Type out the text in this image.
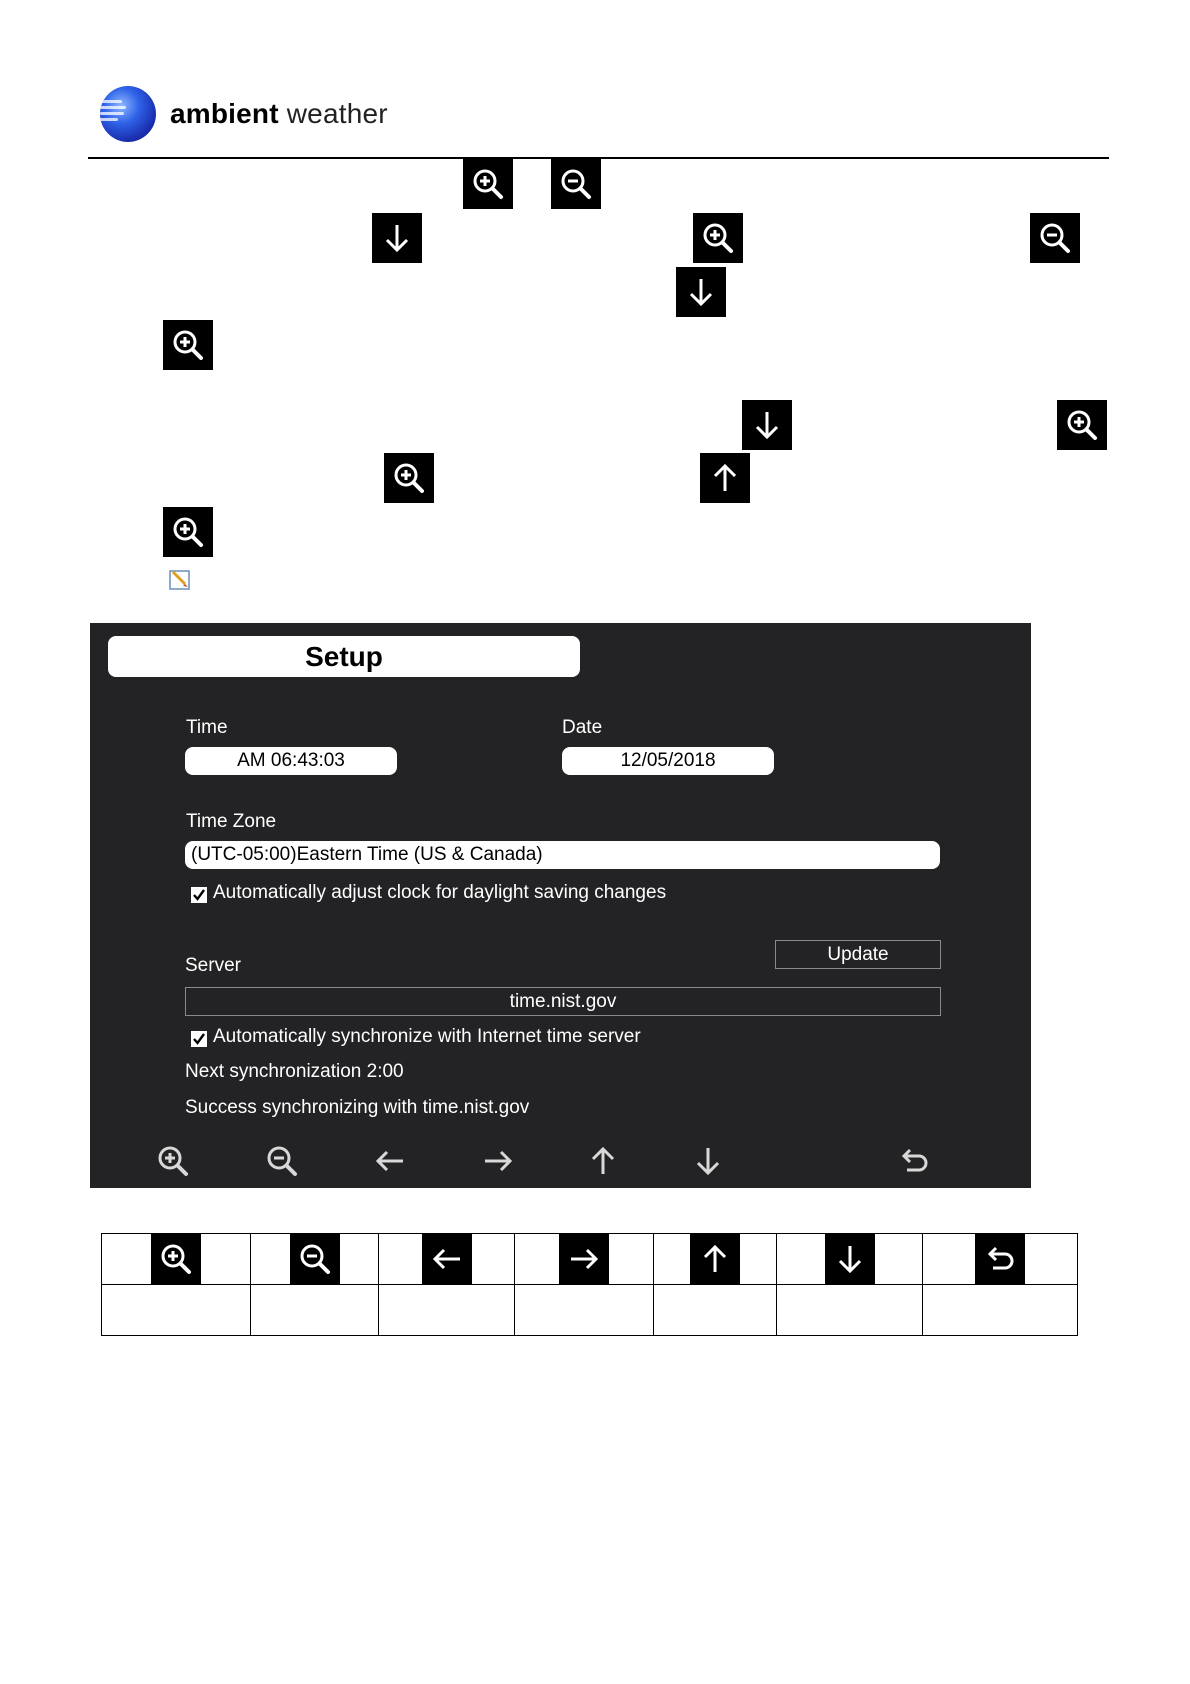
ambient weather
Setup
Time
AM 06:43:03
Date
12/05/2018
Time Zone
(UTC-05:00)Eastern Time (US & Canada)
Automatically adjust clock for daylight saving changes
Update
Server
time.nist.gov
Automatically synchronize with Internet time server
Next synchronization 2:00
Success synchronizing with time.nist.gov
